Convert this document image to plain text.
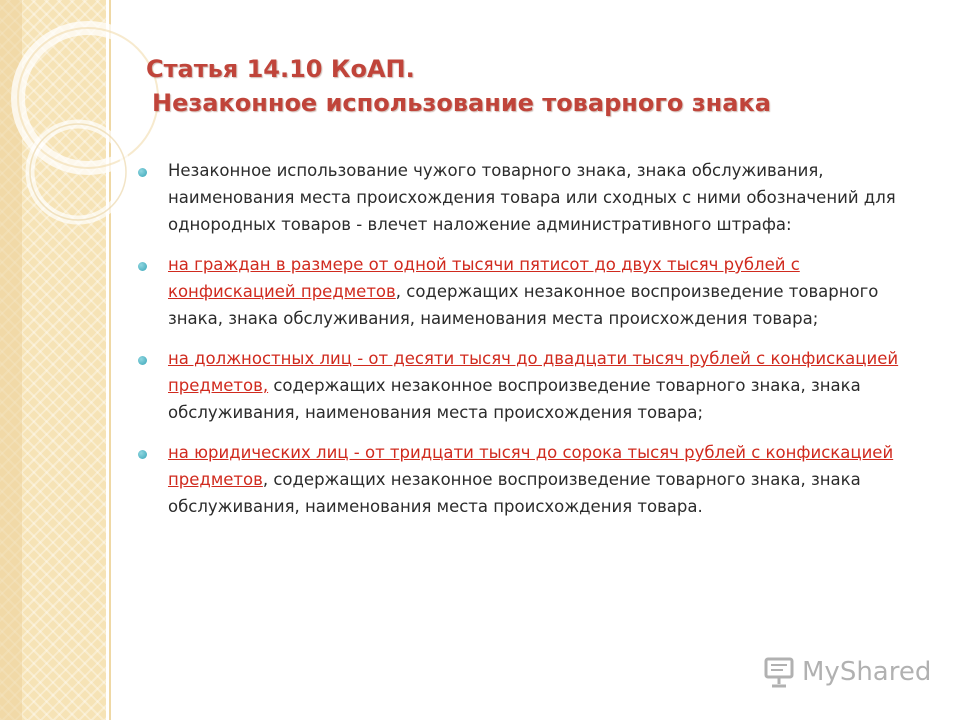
Статья 14.10 КоАП.
Незаконное использование товарного знака
Незаконное использование чужого товарного знака, знака обслуживания, наименования места происхождения товара или сходных с ними обозначений для однородных товаров - влечет наложение административного штрафа:
на граждан в размере от одной тысячи пятисот до двух тысяч рублей с конфискацией предметов, содержащих незаконное воспроизведение товарного знака, знака обслуживания, наименования места происхождения товара;
на должностных лиц - от десяти тысяч до двадцати тысяч рублей с конфискацией предметов, содержащих незаконное воспроизведение товарного знака, знака обслуживания, наименования места происхождения товара;
на юридических лиц - от тридцати тысяч до сорока тысяч рублей с конфискацией предметов, содержащих незаконное воспроизведение товарного знака, знака обслуживания, наименования места происхождения товара.
MyShared
